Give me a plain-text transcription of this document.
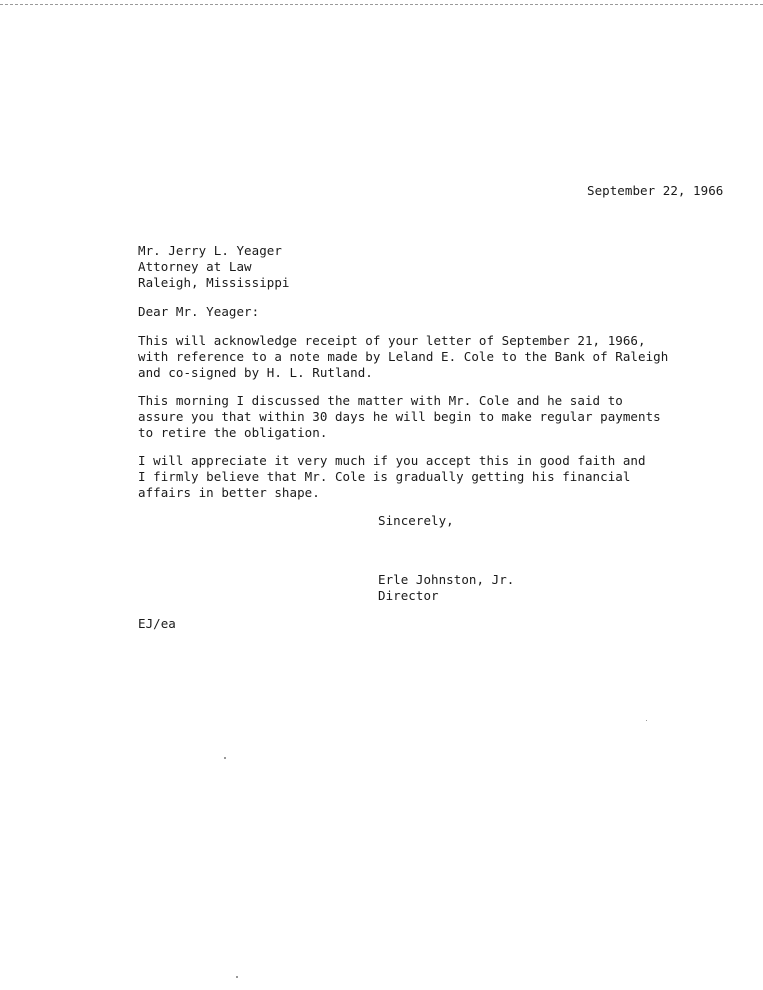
September 22, 1966
Mr. Jerry L. Yeager
Attorney at Law
Raleigh, Mississippi
Dear Mr. Yeager:
This will acknowledge receipt of your letter of September 21, 1966,
with reference to a note made by Leland E. Cole to the Bank of Raleigh
and co-signed by H. L. Rutland.
This morning I discussed the matter with Mr. Cole and he said to
assure you that within 30 days he will begin to make regular payments
to retire the obligation.
I will appreciate it very much if you accept this in good faith and
I firmly believe that Mr. Cole is gradually getting his financial
affairs in better shape.
Sincerely,
Erle Johnston, Jr.
Director
EJ/ea
